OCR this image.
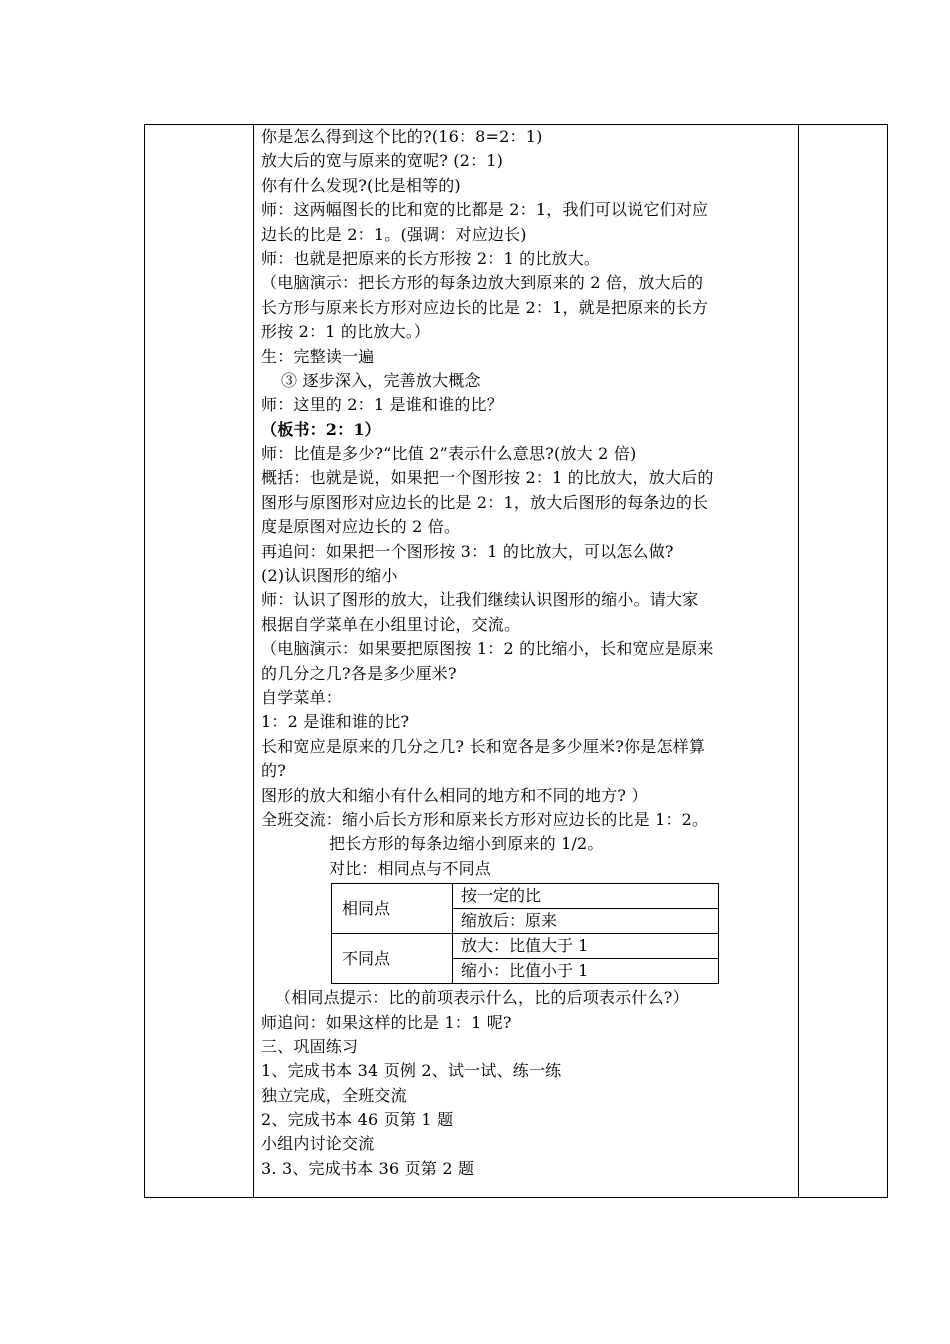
你是怎么得到这个比的?(16：8=2：1)
放大后的宽与原来的宽呢? (2：1)
你有什么发现?(比是相等的)
师：这两幅图长的比和宽的比都是 2：1，我们可以说它们对应
边长的比是 2：1。(强调：对应边长)
师：也就是把原来的长方形按 2：1 的比放大。
（电脑演示：把长方形的每条边放大到原来的 2 倍，放大后的
长方形与原来长方形对应边长的比是 2：1，就是把原来的长方
形按 2：1 的比放大。）
生：完整读一遍
③ 逐步深入，完善放大概念
师：这里的 2：1 是谁和谁的比？
（板书：2：1）
师：比值是多少?“比值 2”表示什么意思?(放大 2 倍)
概括：也就是说，如果把一个图形按 2：1 的比放大，放大后的
图形与原图形对应边长的比是 2：1，放大后图形的每条边的长
度是原图对应边长的 2 倍。
再追问：如果把一个图形按 3：1 的比放大，可以怎么做?
(2)认识图形的缩小
师：认识了图形的放大，让我们继续认识图形的缩小。请大家
根据自学菜单在小组里讨论，交流。
（电脑演示：如果要把原图按 1：2 的比缩小，长和宽应是原来
的几分之几?各是多少厘米?
自学菜单：
1：2 是谁和谁的比?
长和宽应是原来的几分之几? 长和宽各是多少厘米?你是怎样算
的?
图形的放大和缩小有什么相同的地方和不同的地方? ）
全班交流：缩小后长方形和原来长方形对应边长的比是 1：2。
把长方形的每条边缩小到原来的 1/2。
对比：相同点与不同点
相同点	按一定的比
	缩放后：原来
不同点	放大：比值大于 1
	缩小：比值小于 1
（相同点提示：比的前项表示什么，比的后项表示什么?）
师追问：如果这样的比是 1：1 呢?
三、巩固练习
1、完成书本 34 页例 2、试一试、练一练
独立完成，全班交流
2、完成书本 46 页第 1 题
小组内讨论交流
3. 3、完成书本 36 页第 2 题
